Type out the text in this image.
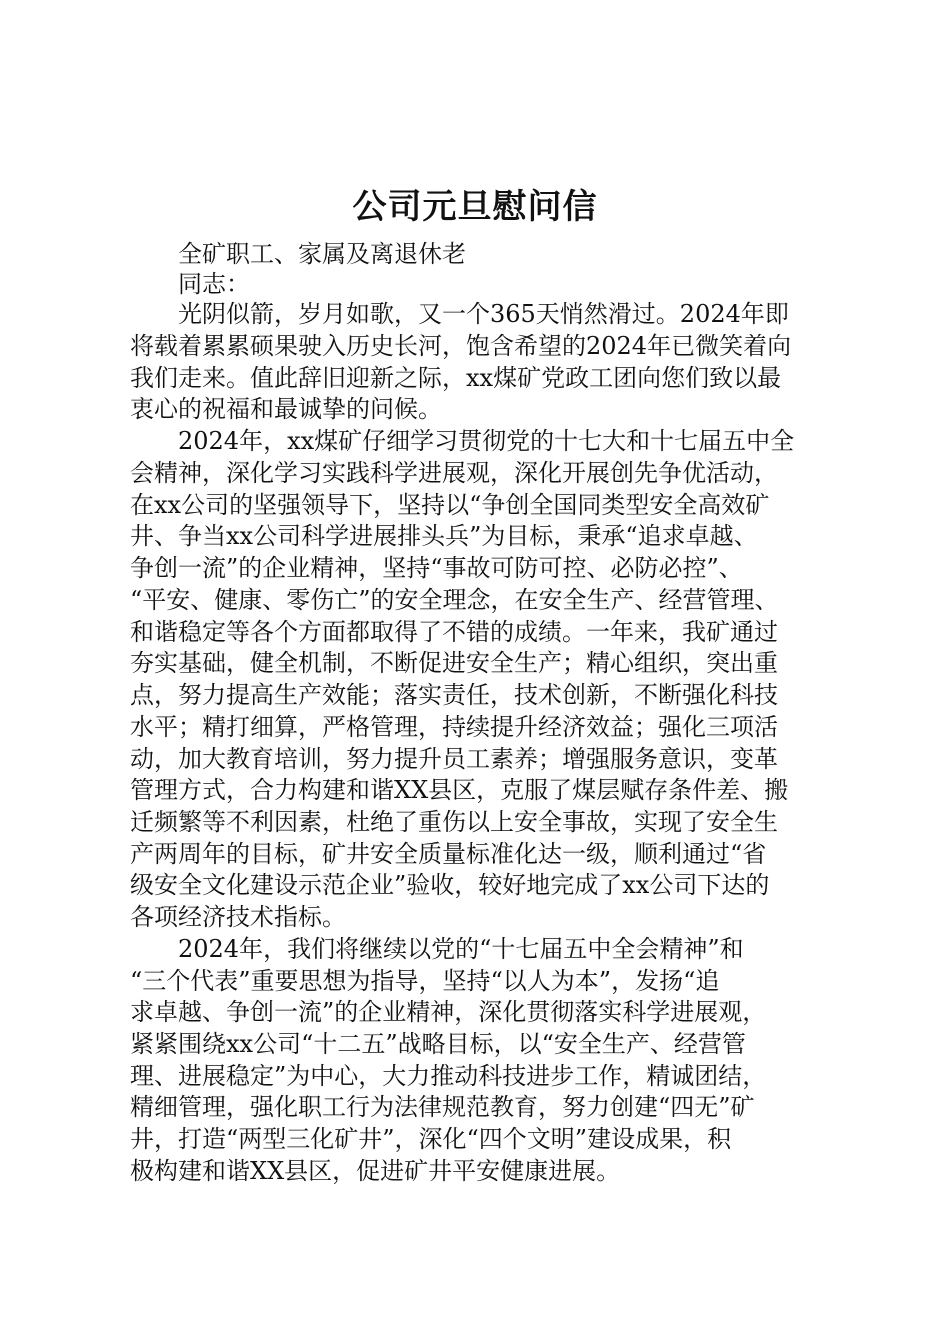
公司元旦慰问信
全矿职工、家属及离退休老
同志：
光阴似箭，岁月如歌，又一个365天悄然滑过。2024年即
将载着累累硕果驶入历史长河，饱含希望的2024年已微笑着向
我们走来。值此辞旧迎新之际，xx煤矿党政工团向您们致以最
衷心的祝福和最诚挚的问候。
2024年，xx煤矿仔细学习贯彻党的十七大和十七届五中全
会精神，深化学习实践科学进展观，深化开展创先争优活动，
在xx公司的坚强领导下，坚持以“争创全国同类型安全高效矿
井、争当xx公司科学进展排头兵”为目标，秉承“追求卓越、
争创一流”的企业精神，坚持“事故可防可控、必防必控”、
“平安、健康、零伤亡”的安全理念，在安全生产、经营管理、
和谐稳定等各个方面都取得了不错的成绩。一年来，我矿通过
夯实基础，健全机制，不断促进安全生产；精心组织，突出重
点，努力提高生产效能；落实责任，技术创新，不断强化科技
水平；精打细算，严格管理，持续提升经济效益；强化三项活
动，加大教育培训，努力提升员工素养；增强服务意识，变革
管理方式，合力构建和谐XX县区，克服了煤层赋存条件差、搬
迁频繁等不利因素，杜绝了重伤以上安全事故，实现了安全生
产两周年的目标，矿井安全质量标准化达一级，顺利通过“省
级安全文化建设示范企业”验收，较好地完成了xx公司下达的
各项经济技术指标。
2024年，我们将继续以党的“十七届五中全会精神”和
“三个代表”重要思想为指导，坚持“以人为本”，发扬“追
求卓越、争创一流”的企业精神，深化贯彻落实科学进展观，
紧紧围绕xx公司“十二五”战略目标，以“安全生产、经营管
理、进展稳定”为中心，大力推动科技进步工作，精诚团结，
精细管理，强化职工行为法律规范教育，努力创建“四无”矿
井，打造“两型三化矿井”，深化“四个文明”建设成果，积
极构建和谐XX县区，促进矿井平安健康进展。
